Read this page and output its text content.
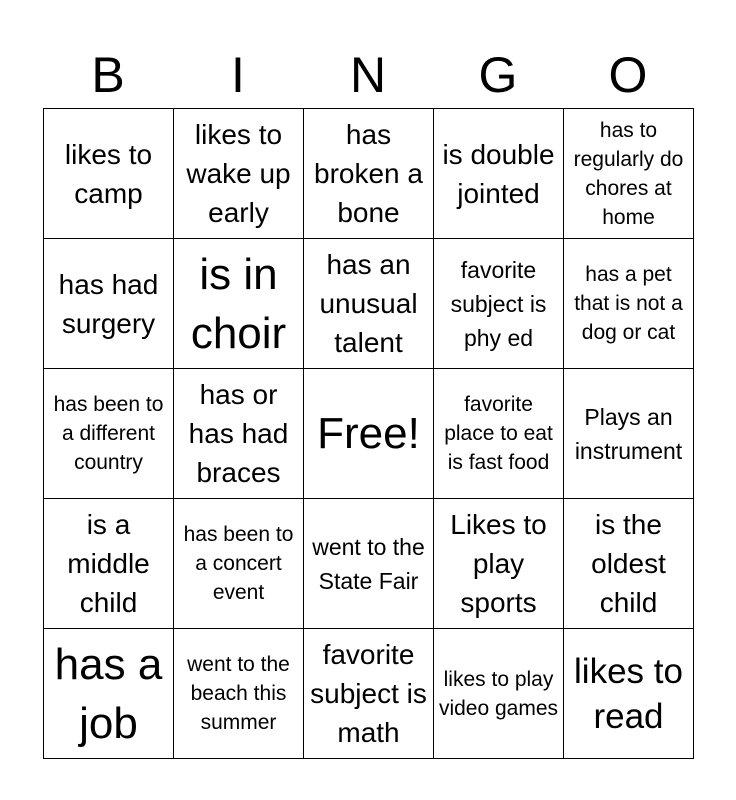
B	I	N	G	O
likes to camp	likes to wake up early	has broken a bone	is double jointed	has to regularly do chores at home
has had surgery	is in choir	has an unusual talent	favorite subject is phy ed	has a pet that is not a dog or cat
has been to a different country	has or has had braces	Free!	favorite place to eat is fast food	Plays an instrument
is a middle child	has been to a concert event	went to the State Fair	Likes to play sports	is the oldest child
has a job	went to the beach this summer	favorite subject is math	likes to play video games	likes to read
